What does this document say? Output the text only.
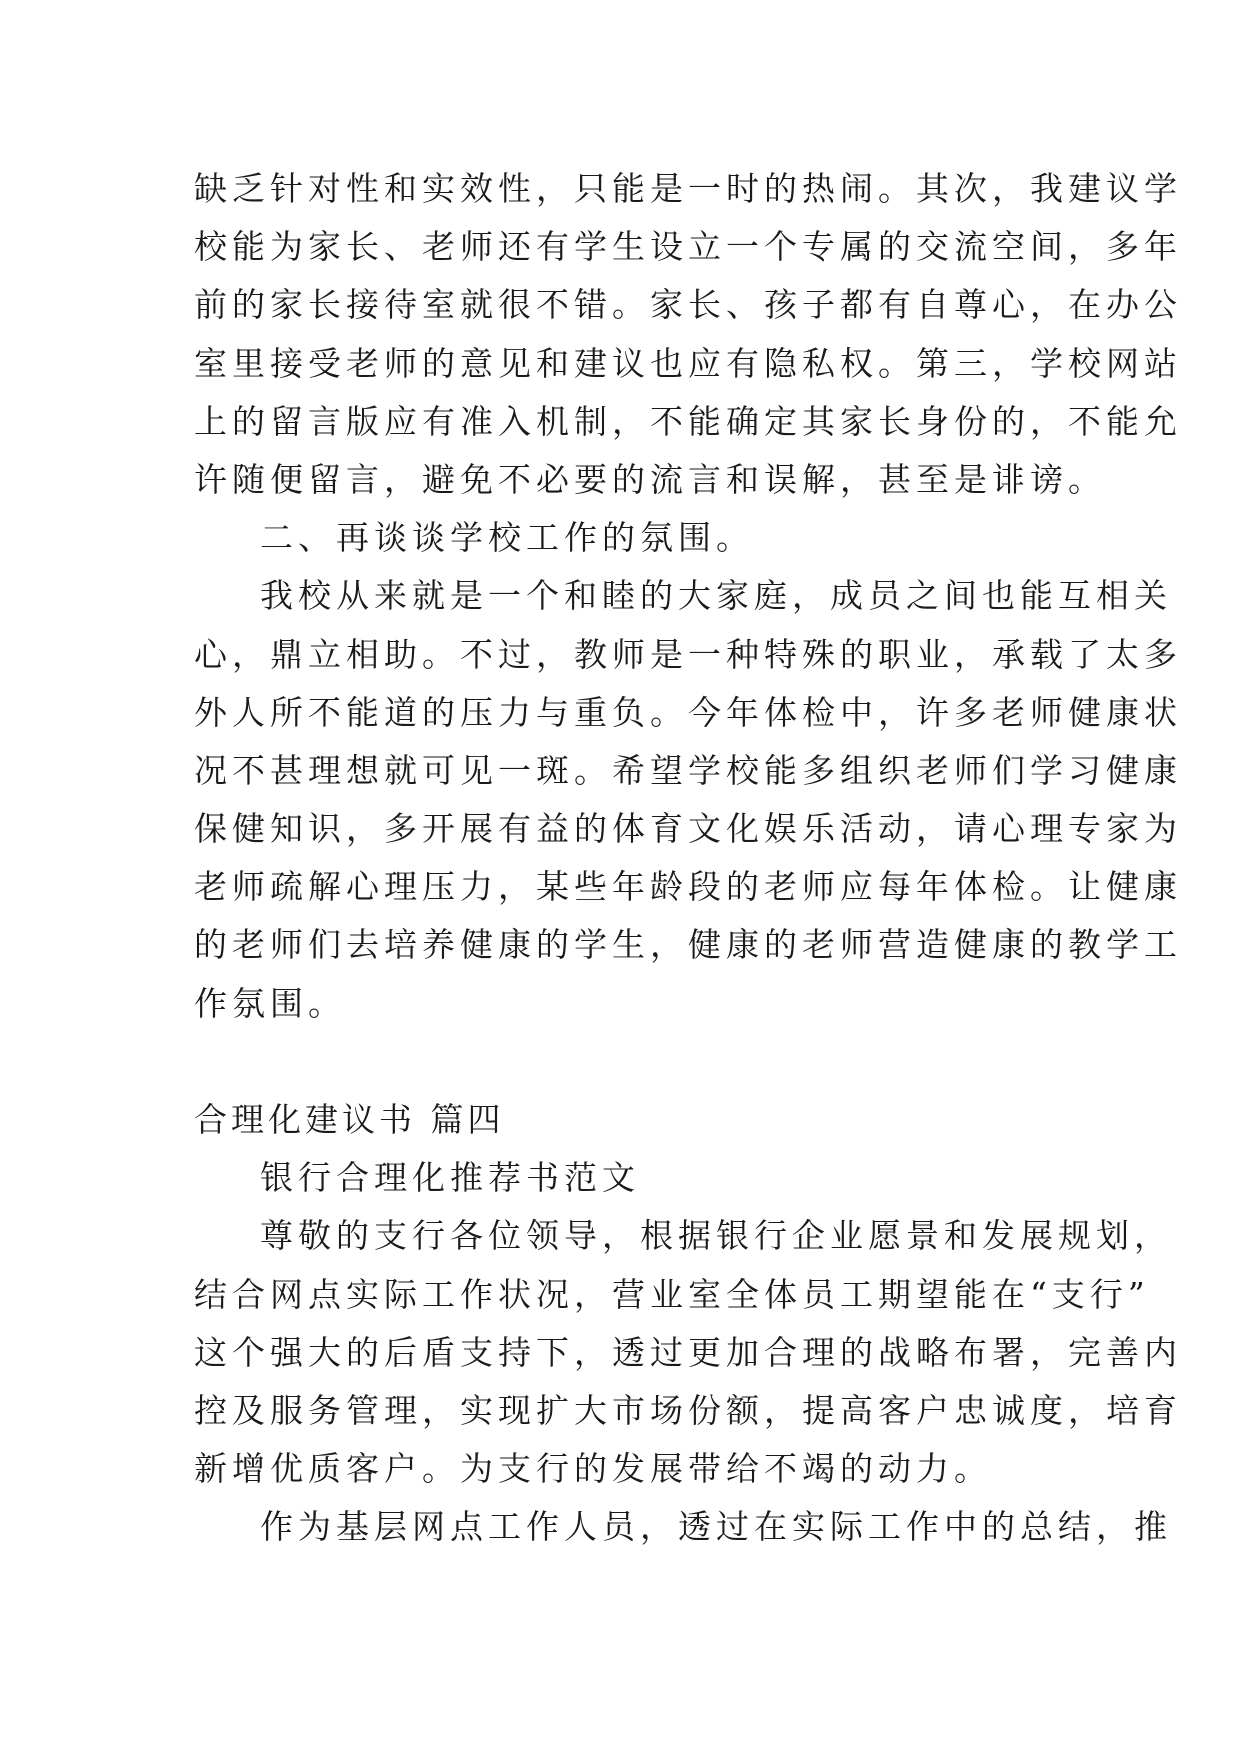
缺乏针对性和实效性，只能是一时的热闹。其次，我建议学
校能为家长、老师还有学生设立一个专属的交流空间，多年
前的家长接待室就很不错。家长、孩子都有自尊心，在办公
室里接受老师的意见和建议也应有隐私权。第三，学校网站
上的留言版应有准入机制，不能确定其家长身份的，不能允
许随便留言，避免不必要的流言和误解，甚至是诽谤。
二、再谈谈学校工作的氛围。
我校从来就是一个和睦的大家庭，成员之间也能互相关
心，鼎立相助。不过，教师是一种特殊的职业，承载了太多
外人所不能道的压力与重负。今年体检中，许多老师健康状
况不甚理想就可见一斑。希望学校能多组织老师们学习健康
保健知识，多开展有益的体育文化娱乐活动，请心理专家为
老师疏解心理压力，某些年龄段的老师应每年体检。让健康
的老师们去培养健康的学生，健康的老师营造健康的教学工
作氛围。
合理化建议书 篇四
银行合理化推荐书范文
尊敬的支行各位领导，根据银行企业愿景和发展规划，
结合网点实际工作状况，营业室全体员工期望能在“支行”
这个强大的后盾支持下，透过更加合理的战略布署，完善内
控及服务管理，实现扩大市场份额，提高客户忠诚度，培育
新增优质客户。为支行的发展带给不竭的动力。
作为基层网点工作人员，透过在实际工作中的总结，推
